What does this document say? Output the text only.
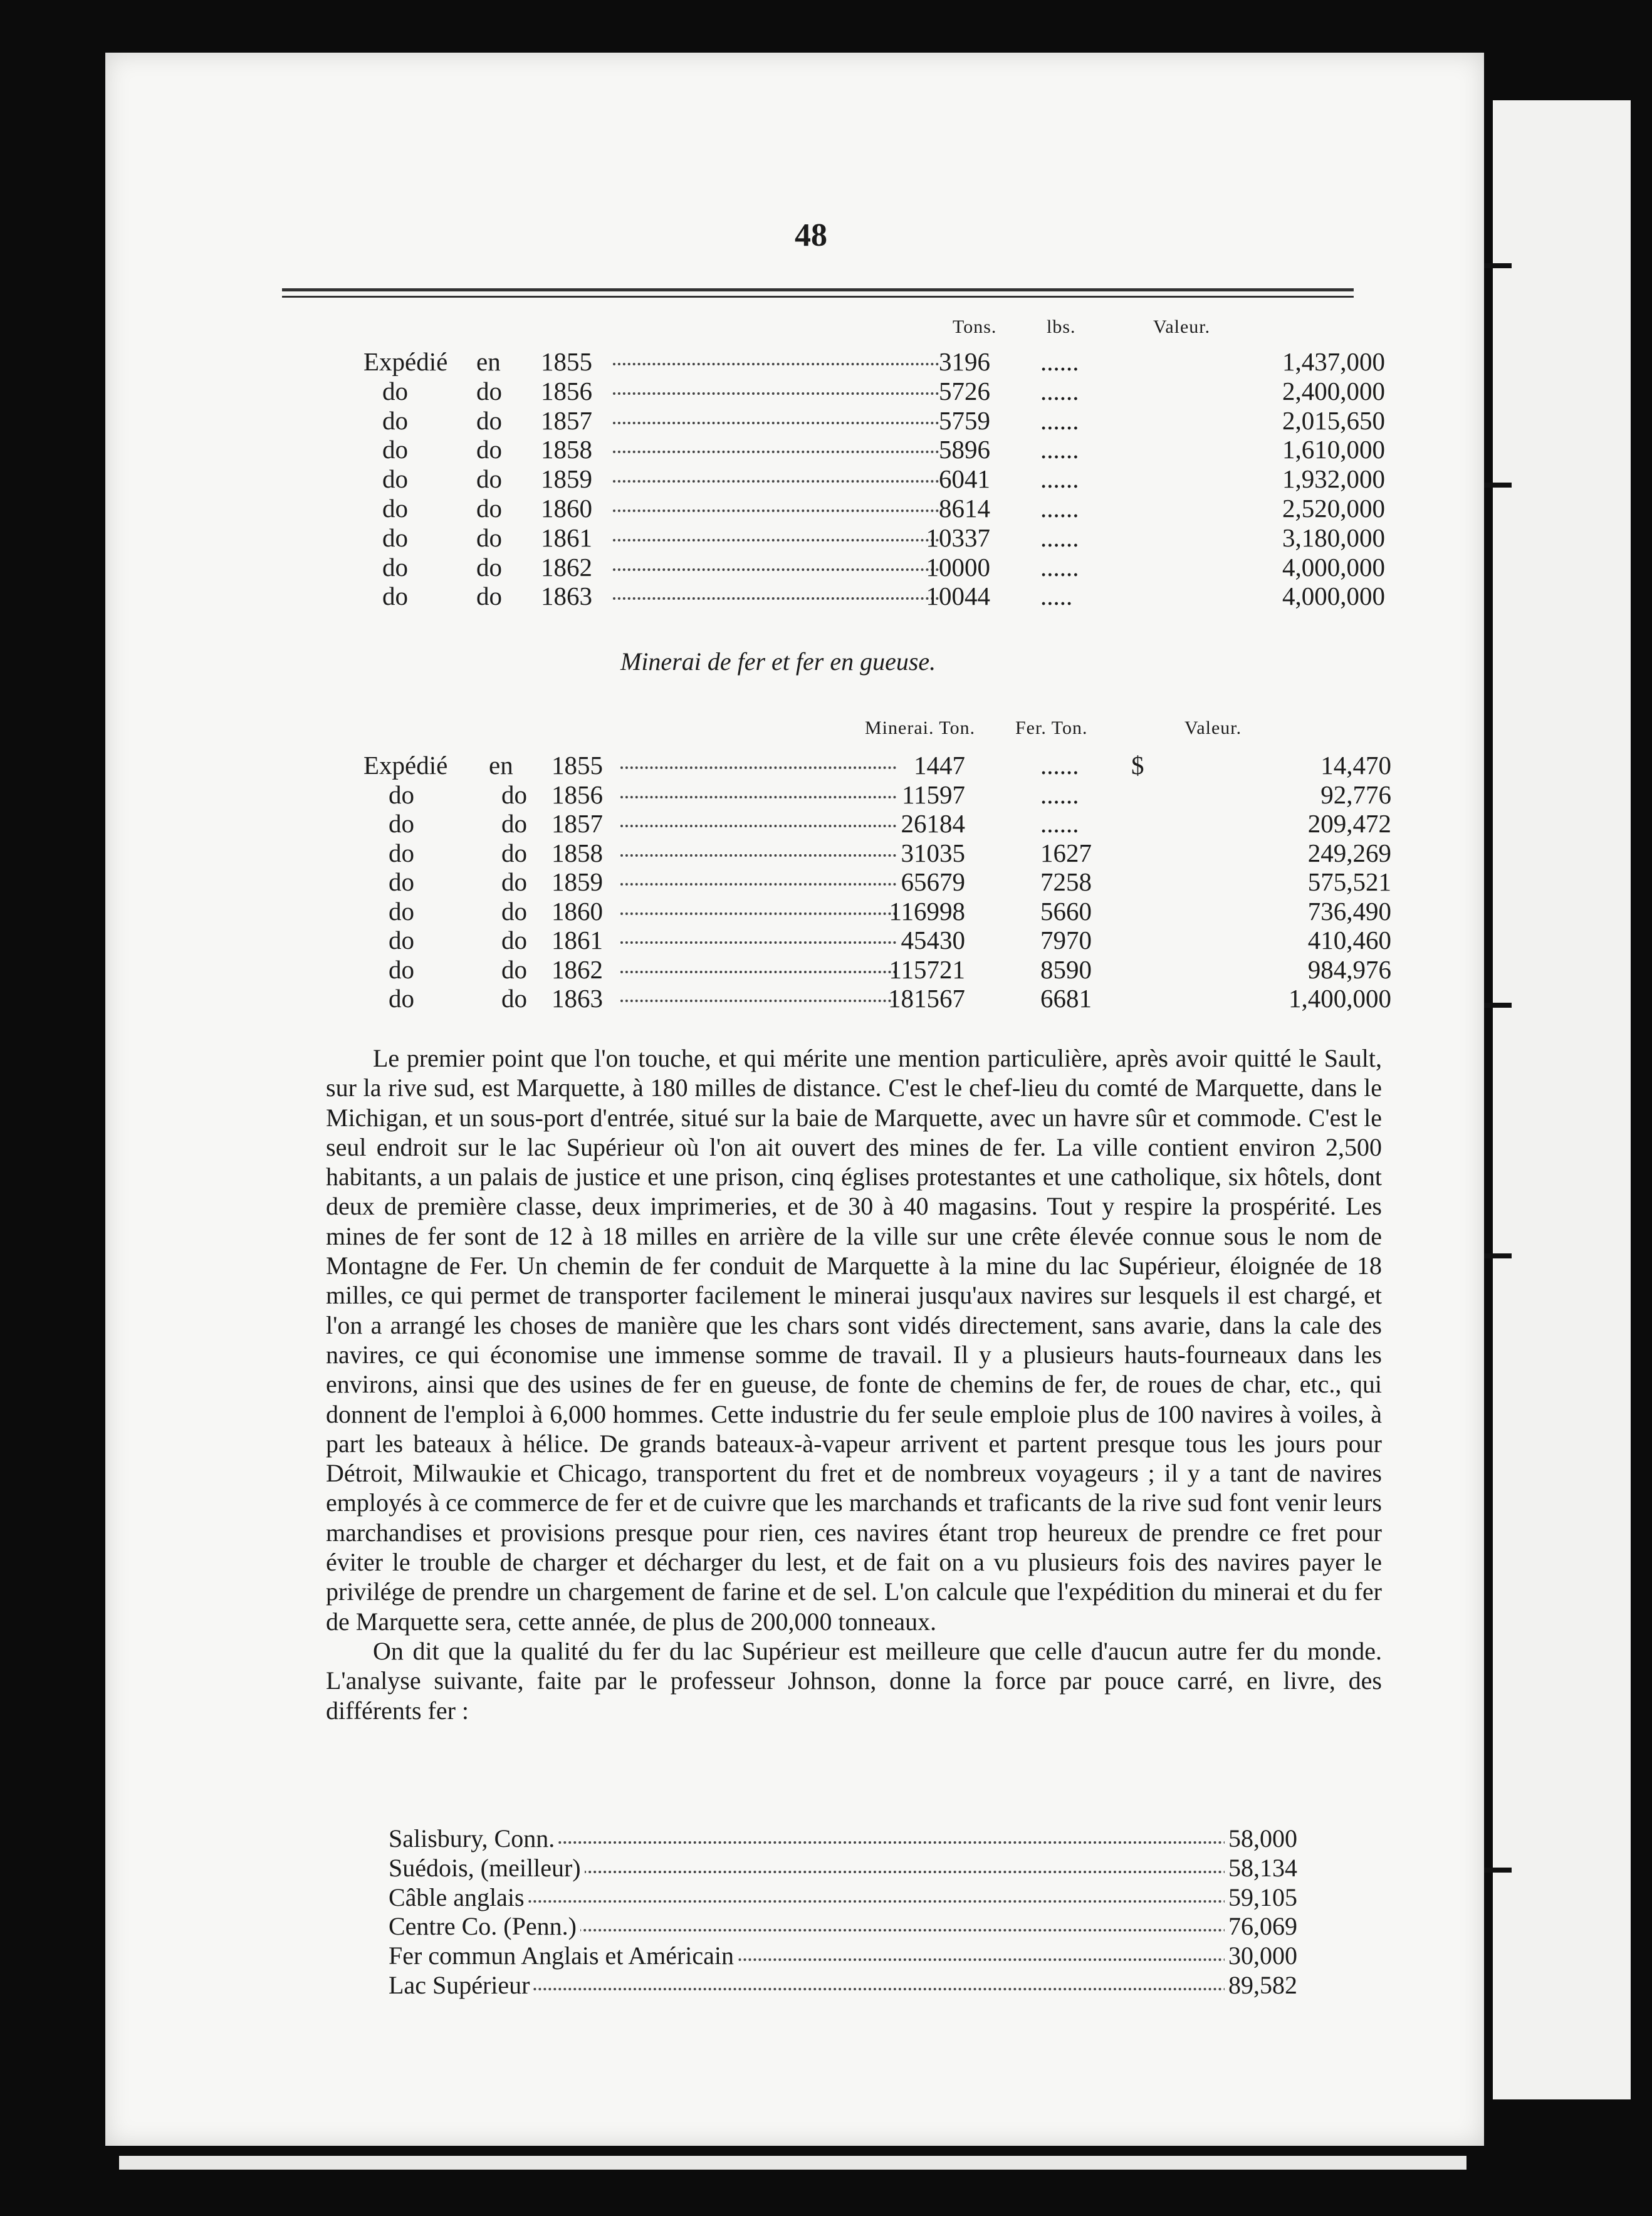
48
Tons.	lbs.	Valeur.
Expédié en 1855	3196 ......	1,437,000
do	do 1856	5726 ......	2,400,000
do	do 1857	5759 ......	2,015,650
do	do 1858	5896 ......	1,610,000
do	do 1859	6041 ......	1,932,000
do	do 1860	8614 ......	2,520,000
do	do 1861	10337 ......	3,180,000
do	do 1862	10000 ......	4,000,000
do	do 1863	10044 .....	4,000,000
Minerai de fer et fer en gueuse.
Minerai. Ton. Fer. Ton.	Valeur.
Expédié en 1855	1447	...... $	14,470
do	do 1856	11597	......	92,776
do	do 1857	26184	......	209,472
do	do 1858	31035	1627	249,269
do	do 1859	65679	7258	575,521
do	do 1860	116998	5660	736,490
do	do 1861	45430	7970	410,460
do	do 1862	115721	8590	984,976
do	do 1863	181567	6681	1,400,000

Le premier point que l'on touche, et qui mérite une mention particulière, après avoir quitté le Sault, sur la rive sud, est Marquette, à 180 milles de distance. C'est le chef-lieu du comté de Marquette, dans le Michigan, et un sous-port d'entrée, situé sur la baie de Marquette, avec un havre sûr et commode. C'est le seul endroit sur le lac Supérieur où l'on ait ouvert des mines de fer. La ville contient environ 2,500 habitants, a un palais de justice et une prison, cinq églises protestantes et une catholique, six hôtels, dont deux de première classe, deux imprimeries, et de 30 à 40 magasins. Tout y respire la prospérité. Les mines de fer sont de 12 à 18 milles en arrière de la ville sur une crête élevée connue sous le nom de Montagne de Fer. Un chemin de fer conduit de Marquette à la mine du lac Supérieur, éloignée de 18 milles, ce qui permet de transporter facilement le minerai jusqu'aux navires sur lesquels il est chargé, et l'on a arrangé les choses de manière que les chars sont vidés directement, sans avarie, dans la cale des navires, ce qui économise une immense somme de travail. Il y a plusieurs hauts-fourneaux dans les environs, ainsi que des usines de fer en gueuse, de fonte de chemins de fer, de roues de char, etc., qui donnent de l'emploi à 6,000 hommes. Cette industrie du fer seule emploie plus de 100 navires à voiles, à part les bateaux à hélice. De grands bateaux-à-vapeur arrivent et partent presque tous les jours pour Détroit, Milwaukie et Chicago, transportent du fret et de nombreux voyageurs ; il y a tant de navires employés à ce commerce de fer et de cuivre que les marchands et traficants de la rive sud font venir leurs marchandises et provisions presque pour rien, ces navires étant trop heureux de prendre ce fret pour éviter le trouble de charger et décharger du lest, et de fait on a vu plusieurs fois des navires payer le privilége de prendre un chargement de farine et de sel. L'on calcule que l'expédition du minerai et du fer de Marquette sera, cette année, de plus de 200,000 tonneaux.

On dit que la qualité du fer du lac Supérieur est meilleure que celle d'aucun autre fer du monde. L'analyse suivante, faite par le professeur Johnson, donne la force par pouce carré, en livre, des différents fer :

Salisbury, Conn.	58,000
Suédois, (meilleur)	58,134
Câble anglais	59,105
Centre Co. (Penn.)	76,069
Fer commun Anglais et Américain	30,000
Lac Supérieur	89,582
